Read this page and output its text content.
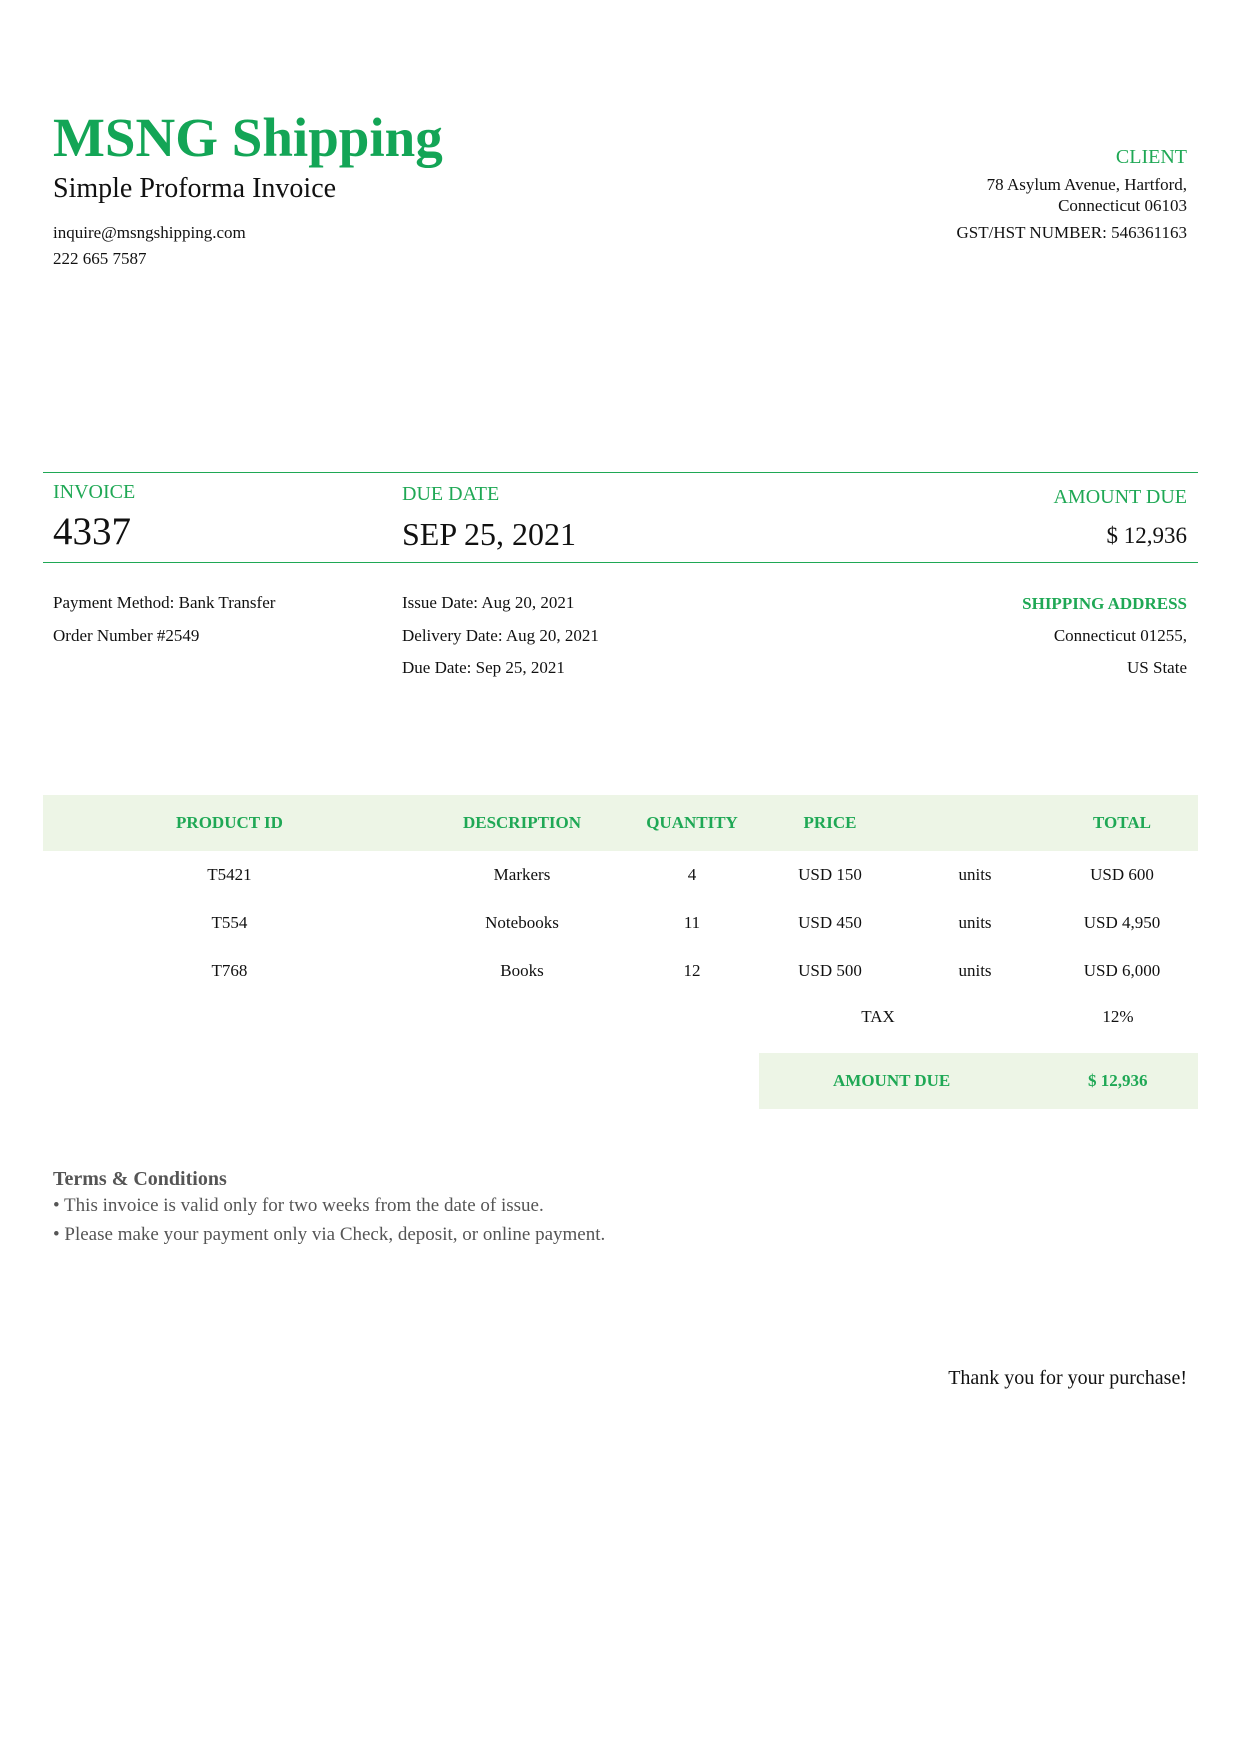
MSNG Shipping
Simple Proforma Invoice
inquire@msngshipping.com
222 665 7587
CLIENT
78 Asylum Avenue, Hartford,
Connecticut 06103
GST/HST NUMBER: 546361163
INVOICE
4337
DUE DATE
SEP 25, 2021
AMOUNT DUE
$ 12,936
Payment Method: Bank Transfer
Order Number #2549
Issue Date: Aug 20, 2021
Delivery Date: Aug 20, 2021
Due Date: Sep 25, 2021
SHIPPING ADDRESS
Connecticut 01255,
US State
PRODUCT ID	DESCRIPTION	QUANTITY	PRICE		TOTAL
T5421	Markers	4	USD 150	units	USD 600
T554	Notebooks	11	USD 450	units	USD 4,950
T768	Books	12	USD 500	units	USD 6,000
TAX	12%
AMOUNT DUE	$ 12,936
Terms & Conditions
• This invoice is valid only for two weeks from the date of issue.
• Please make your payment only via Check, deposit, or online payment.
Thank you for your purchase!
